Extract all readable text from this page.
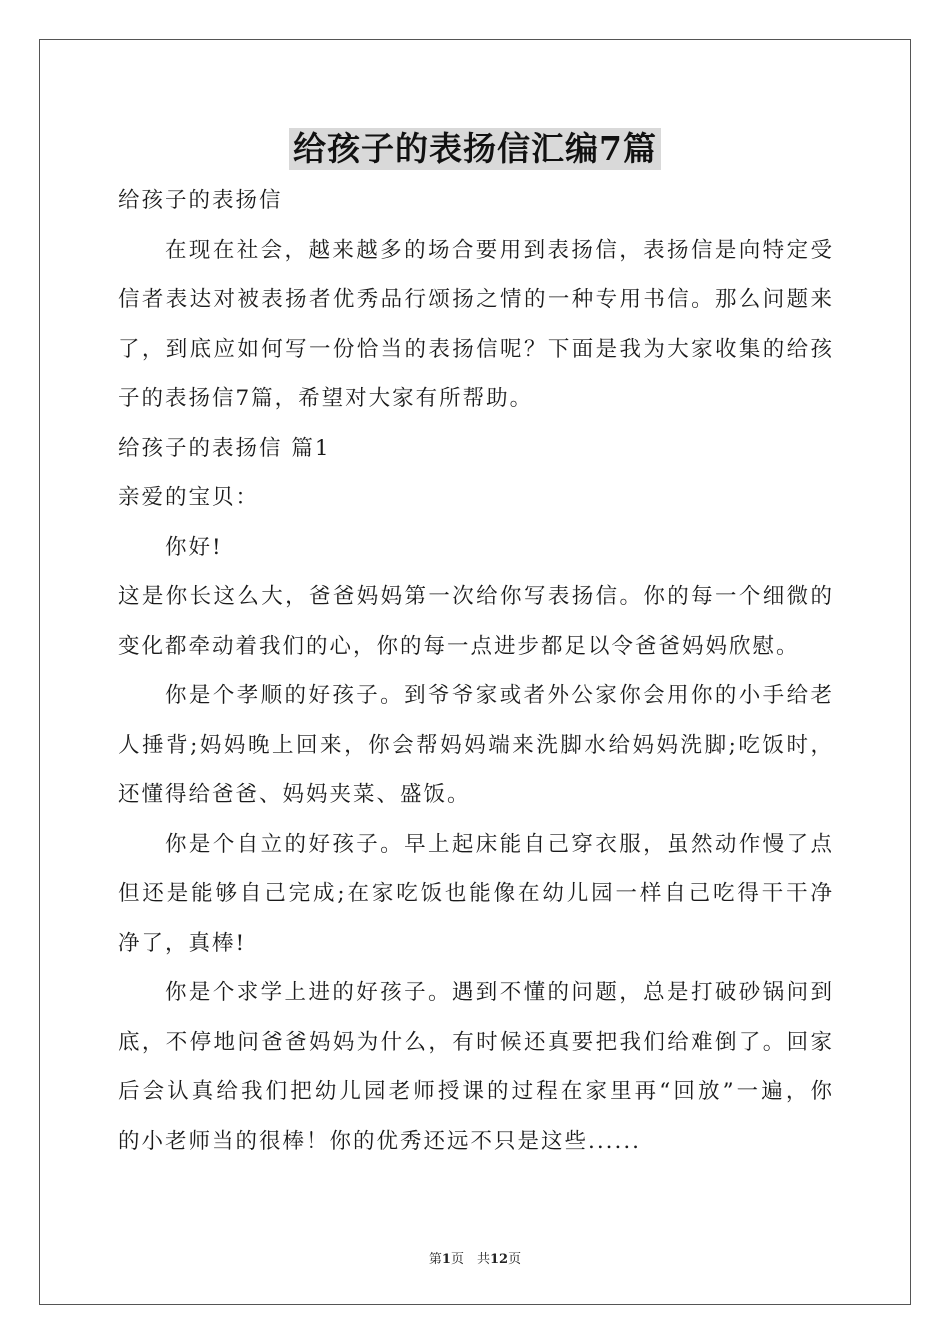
给孩子的表扬信汇编7篇
给孩子的表扬信
在现在社会，越来越多的场合要用到表扬信，表扬信是向特定受
信者表达对被表扬者优秀品行颂扬之情的一种专用书信。那么问题来
了，到底应如何写一份恰当的表扬信呢？下面是我为大家收集的给孩
子的表扬信7篇，希望对大家有所帮助。
给孩子的表扬信 篇1
亲爱的宝贝：
你好!
这是你长这么大，爸爸妈妈第一次给你写表扬信。你的每一个细微的
变化都牵动着我们的心，你的每一点进步都足以令爸爸妈妈欣慰。
你是个孝顺的好孩子。到爷爷家或者外公家你会用你的小手给老
人捶背;妈妈晚上回来，你会帮妈妈端来洗脚水给妈妈洗脚;吃饭时，
还懂得给爸爸、妈妈夹菜、盛饭。
你是个自立的好孩子。早上起床能自己穿衣服，虽然动作慢了点
但还是能够自己完成;在家吃饭也能像在幼儿园一样自己吃得干干净
净了，真棒!
你是个求学上进的好孩子。遇到不懂的问题，总是打破砂锅问到
底，不停地问爸爸妈妈为什么，有时候还真要把我们给难倒了。回家
后会认真给我们把幼儿园老师授课的过程在家里再“回放”一遍，你
的小老师当的很棒！你的优秀还远不只是这些......
第1页　共12页
